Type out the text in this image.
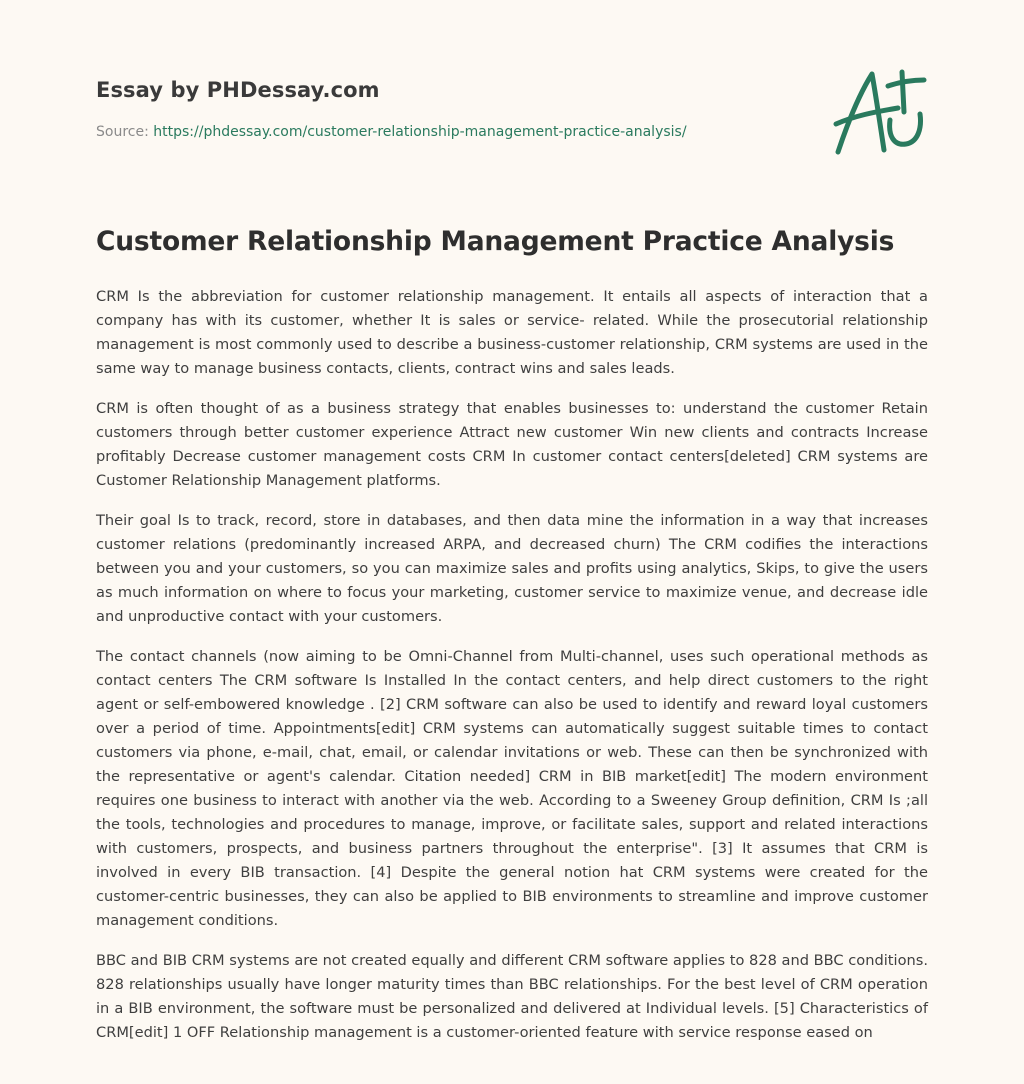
Essay by PHDessay.com
Source: https://phdessay.com/customer-relationship-management-practice-analysis/
Customer Relationship Management Practice Analysis

CRM Is the abbreviation for customer relationship management. It entails all aspects of interaction that a company has with its customer, whether It is sales or service- related. While the prosecutorial relationship management is most commonly used to describe a business-customer relationship, CRM systems are used in the same way to manage business contacts, clients, contract wins and sales leads.

CRM is often thought of as a business strategy that enables businesses to: understand the customer Retain customers through better customer experience Attract new customer Win new clients and contracts Increase profitably Decrease customer management costs CRM In customer contact centers[deleted] CRM systems are Customer Relationship Management platforms.

Their goal Is to track, record, store in databases, and then data mine the information in a way that increases customer relations (predominantly increased ARPA, and decreased churn) The CRM codifies the interactions between you and your customers, so you can maximize sales and profits using analytics, Skips, to give the users as much information on where to focus your marketing, customer service to maximize venue, and decrease idle and unproductive contact with your customers.

The contact channels (now aiming to be Omni-Channel from Multi-channel, uses such operational methods as contact centers The CRM software Is Installed In the contact centers, and help direct customers to the right agent or self-embowered knowledge . [2] CRM software can also be used to identify and reward loyal customers over a period of time. Appointments[edit] CRM systems can automatically suggest suitable times to contact customers via phone, e-mail, chat, email, or calendar invitations or web. These can then be synchronized with the representative or agent's calendar. Citation needed] CRM in BIB market[edit] The modern environment requires one business to interact with another via the web. According to a Sweeney Group definition, CRM Is ;all the tools, technologies and procedures to manage, improve, or facilitate sales, support and related interactions with customers, prospects, and business partners throughout the enterprise". [3] It assumes that CRM is involved in every BIB transaction. [4] Despite the general notion hat CRM systems were created for the customer-centric businesses, they can also be applied to BIB environments to streamline and improve customer management conditions.

BBC and BIB CRM systems are not created equally and different CRM software applies to 828 and BBC conditions. 828 relationships usually have longer maturity times than BBC relationships. For the best level of CRM operation in a BIB environment, the software must be personalized and delivered at Individual levels. [5] Characteristics of CRM[edit] 1 OFF Relationship management is a customer-oriented feature with service response eased on
